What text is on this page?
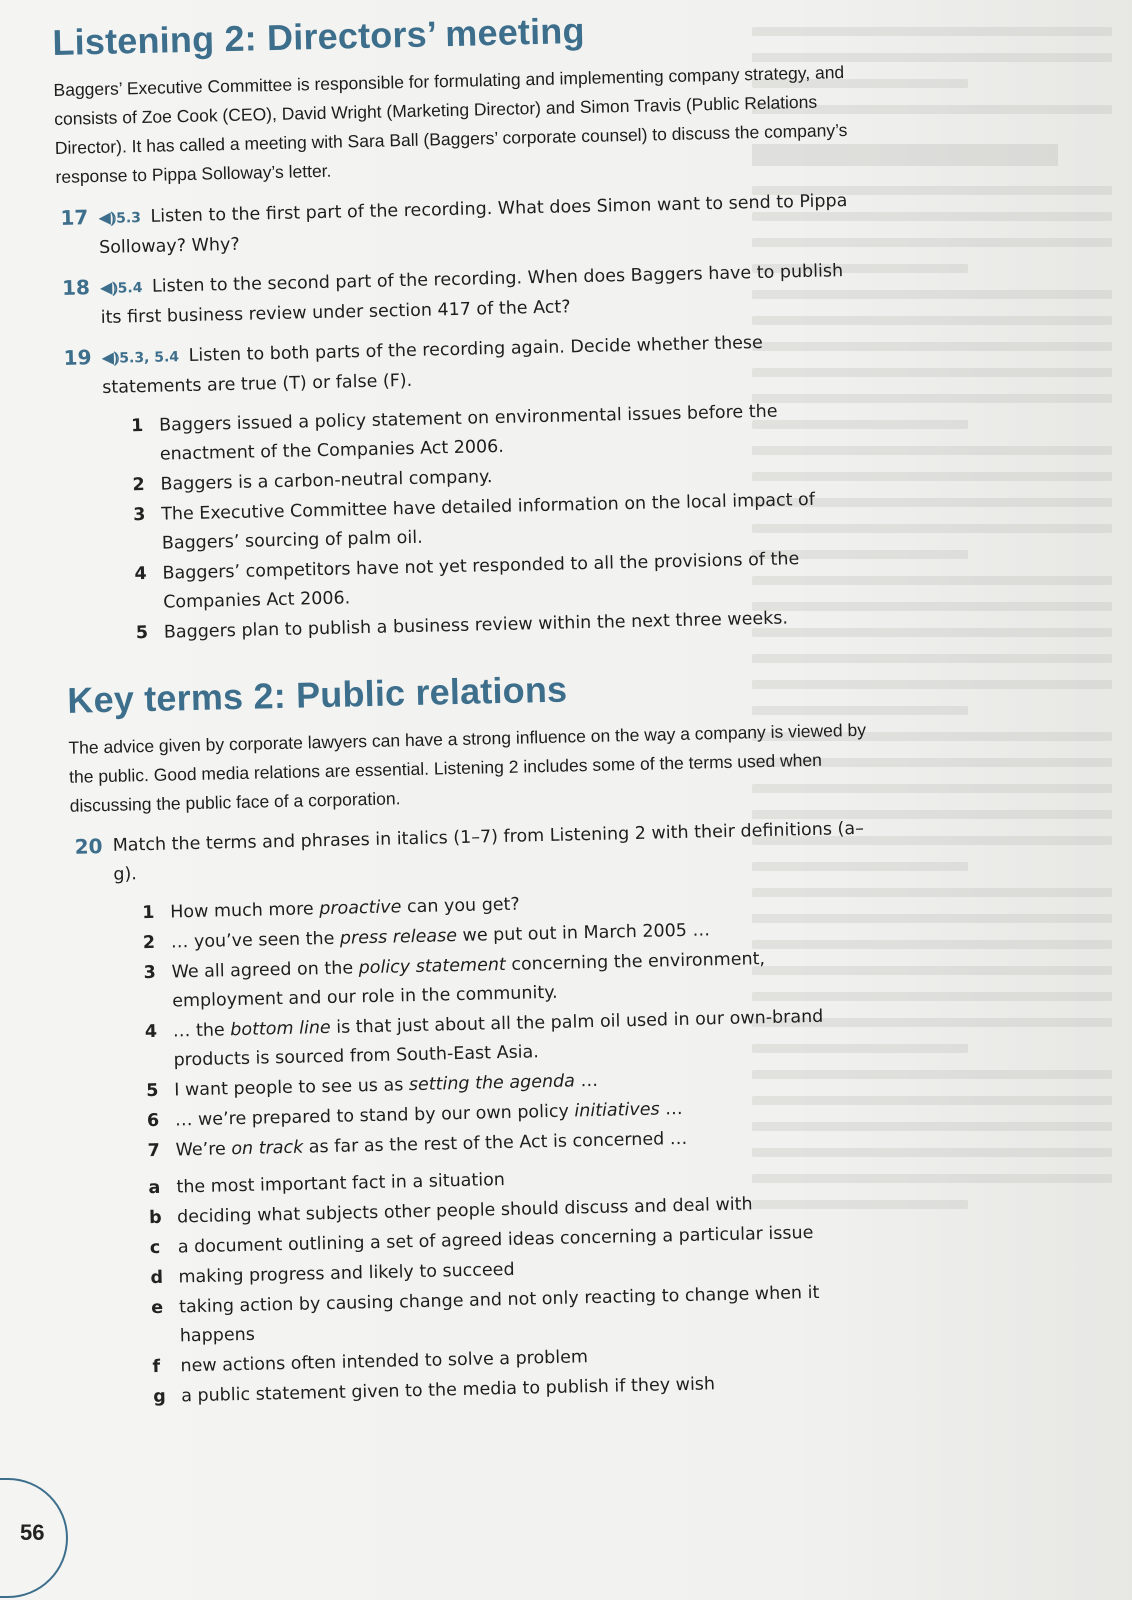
Listening 2: Directors’ meeting

Baggers’ Executive Committee is responsible for formulating and implementing company strategy, and consists of Zoe Cook (CEO), David Wright (Marketing Director) and Simon Travis (Public Relations Director). It has called a meeting with Sara Ball (Baggers’ corporate counsel) to discuss the company’s response to Pippa Solloway’s letter.

17 ◀︎⦆5.3 Listen to the first part of the recording. What does Simon want to send to Pippa Solloway? Why?
18 ◀︎⦆5.4 Listen to the second part of the recording. When does Baggers have to publish its first business review under section 417 of the Act?
19 ◀︎⦆5.3, 5.4 Listen to both parts of the recording again. Decide whether these statements are true (T) or false (F).
1 Baggers issued a policy statement on environmental issues before the enactment of the Companies Act 2006.
2 Baggers is a carbon-neutral company.
3 The Executive Committee have detailed information on the local impact of Baggers’ sourcing of palm oil.
4 Baggers’ competitors have not yet responded to all the provisions of the Companies Act 2006.
5 Baggers plan to publish a business review within the next three weeks.
Key terms 2: Public relations

The advice given by corporate lawyers can have a strong influence on the way a company is viewed by the public. Good media relations are essential. Listening 2 includes some of the terms used when discussing the public face of a corporation.

20 Match the terms and phrases in italics (1–7) from Listening 2 with their definitions (a–g).
1 How much more proactive can you get?
2 … you’ve seen the press release we put out in March 2005 …
3 We all agreed on the policy statement concerning the environment, employment and our role in the community.
4 … the bottom line is that just about all the palm oil used in our own-brand products is sourced from South-East Asia.
5 I want people to see us as setting the agenda …
6 … we’re prepared to stand by our own policy initiatives …
7 We’re on track as far as the rest of the Act is concerned …
a the most important fact in a situation
b deciding what subjects other people should discuss and deal with
c a document outlining a set of agreed ideas concerning a particular issue
d making progress and likely to succeed
e taking action by causing change and not only reacting to change when it happens
f new actions often intended to solve a problem
g a public statement given to the media to publish if they wish
56
